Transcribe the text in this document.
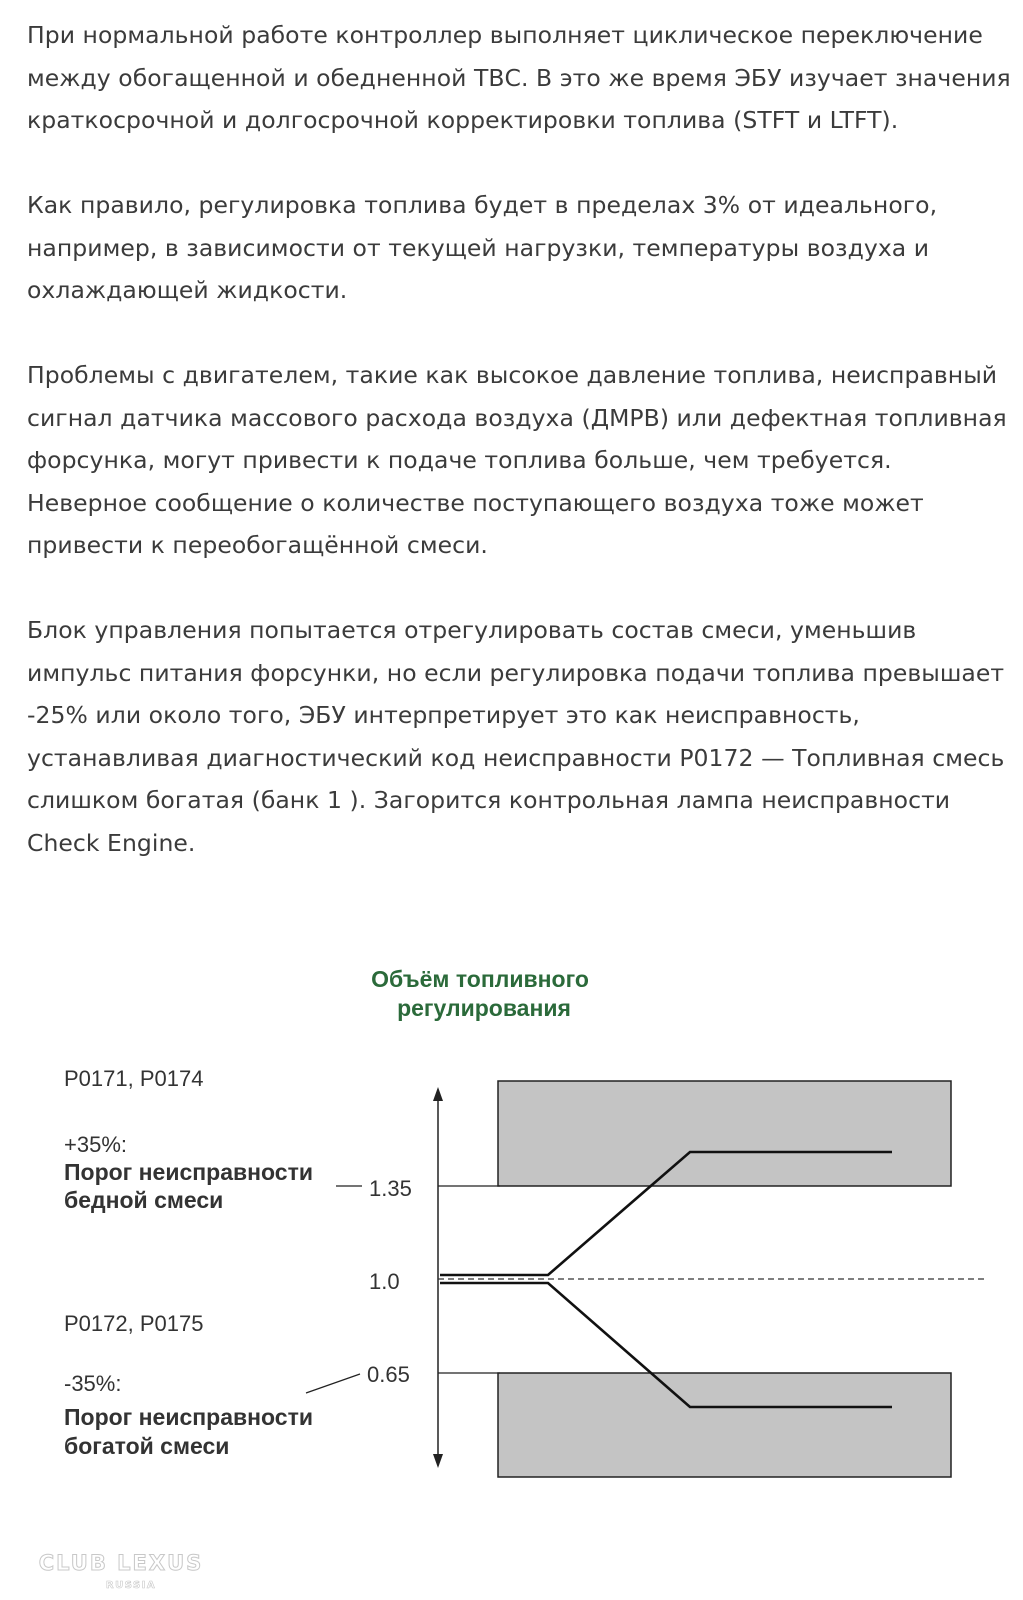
При нормальной работе контроллер выполняет циклическое переключение между обогащенной и обедненной ТВС. В это же время ЭБУ изучает значения краткосрочной и долгосрочной корректировки топлива (STFT и LTFT).

Как правило, регулировка топлива будет в пределах 3% от идеального, например, в зависимости от текущей нагрузки, температуры воздуха и охлаждающей жидкости.

Проблемы с двигателем, такие как высокое давление топлива, неисправный сигнал датчика массового расхода воздуха (ДМРВ) или дефектная топливная форсунка, могут привести к подаче топлива больше, чем требуется. Неверное сообщение о количестве поступающего воздуха тоже может привести к переобогащённой смеси.

Блок управления попытается отрегулировать состав смеси, уменьшив импульс питания форсунки, но если регулировка подачи топлива превышает -25% или около того, ЭБУ интерпретирует это как неисправность, устанавливая диагностический код неисправности P0172 — Топливная смесь слишком богатая (банк 1 ). Загорится контрольная лампа неисправности Check Engine.

Объём топливного
регулирования
1.35
1.0
0.65
P0171, P0174
+35%:
Порог неисправности
бедной смеси
P0172, P0175
-35%:
Порог неисправности
богатой смеси
CLUB LEXUS
RUSSIA
